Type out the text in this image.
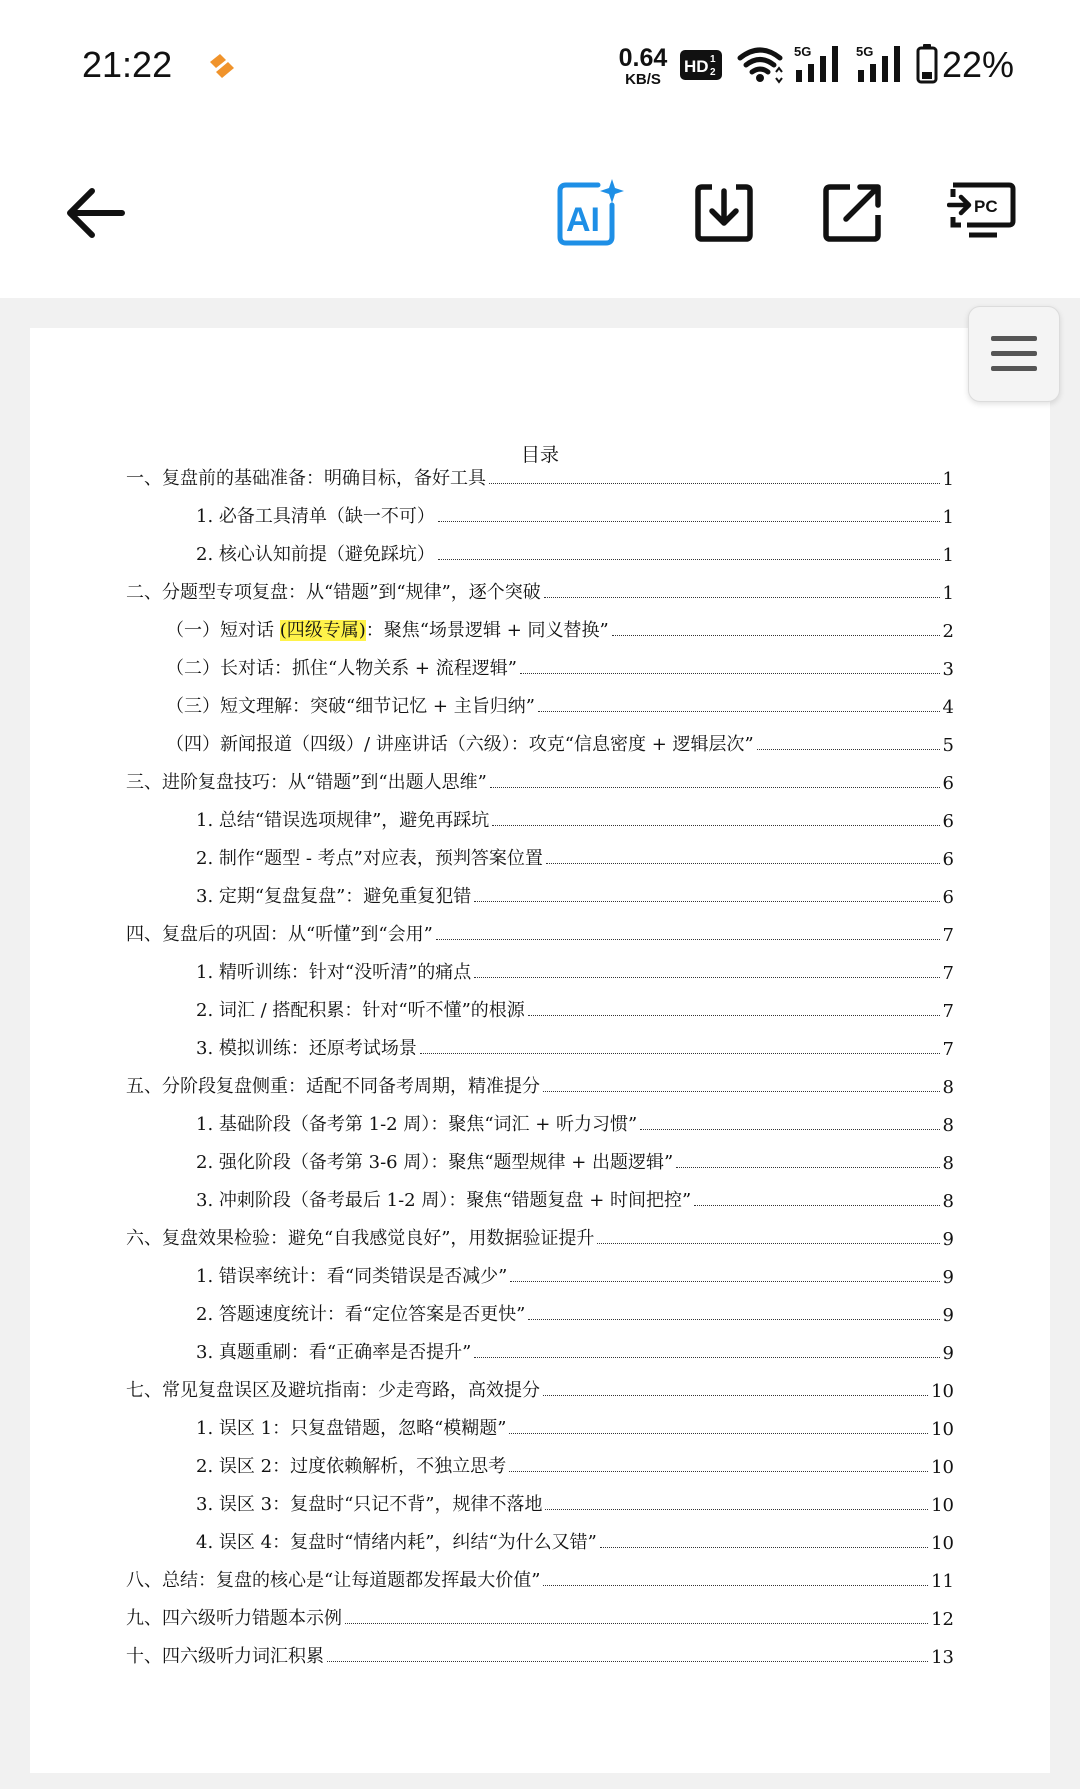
21:22	0.64
KB/S
HD 1
2
5G	5G 22%
AI	PC
目录
一、复盘前的基础准备：明确目标，备好工具	1
1. 必备工具清单（缺一不可）	1
2. 核心认知前提（避免踩坑）	1
二、分题型专项复盘：从“错题”到“规律”，逐个突破	1
（一）短对话 (四级专属)：聚焦“场景逻辑 + 同义替换”	2
（二）长对话：抓住“人物关系 + 流程逻辑”	3
（三）短文理解：突破“细节记忆 + 主旨归纳”	4
（四）新闻报道（四级）/ 讲座讲话（六级）：攻克“信息密度 + 逻辑层次”	5
三、进阶复盘技巧：从“错题”到“出题人思维”	6
1. 总结“错误选项规律”，避免再踩坑	6
2. 制作“题型 - 考点”对应表，预判答案位置	6
3. 定期“复盘复盘”：避免重复犯错	6
四、复盘后的巩固：从“听懂”到“会用”	7
1. 精听训练：针对“没听清”的痛点	7
2. 词汇 / 搭配积累：针对“听不懂”的根源	7
3. 模拟训练：还原考试场景	7
五、分阶段复盘侧重：适配不同备考周期，精准提分	8
1. 基础阶段（备考第 1-2 周）：聚焦“词汇 + 听力习惯”	8
2. 强化阶段（备考第 3-6 周）：聚焦“题型规律 + 出题逻辑”	8
3. 冲刺阶段（备考最后 1-2 周）：聚焦“错题复盘 + 时间把控”	8
六、复盘效果检验：避免“自我感觉良好”，用数据验证提升	9
1. 错误率统计：看“同类错误是否减少”	9
2. 答题速度统计：看“定位答案是否更快”	9
3. 真题重刷：看“正确率是否提升”	9
七、常见复盘误区及避坑指南：少走弯路，高效提分	10
1. 误区 1：只复盘错题，忽略“模糊题”	10
2. 误区 2：过度依赖解析，不独立思考	10
3. 误区 3：复盘时“只记不背”，规律不落地	10
4. 误区 4：复盘时“情绪内耗”，纠结“为什么又错”	10
八、总结：复盘的核心是“让每道题都发挥最大价值”	11
九、四六级听力错题本示例	12
十、四六级听力词汇积累	13
